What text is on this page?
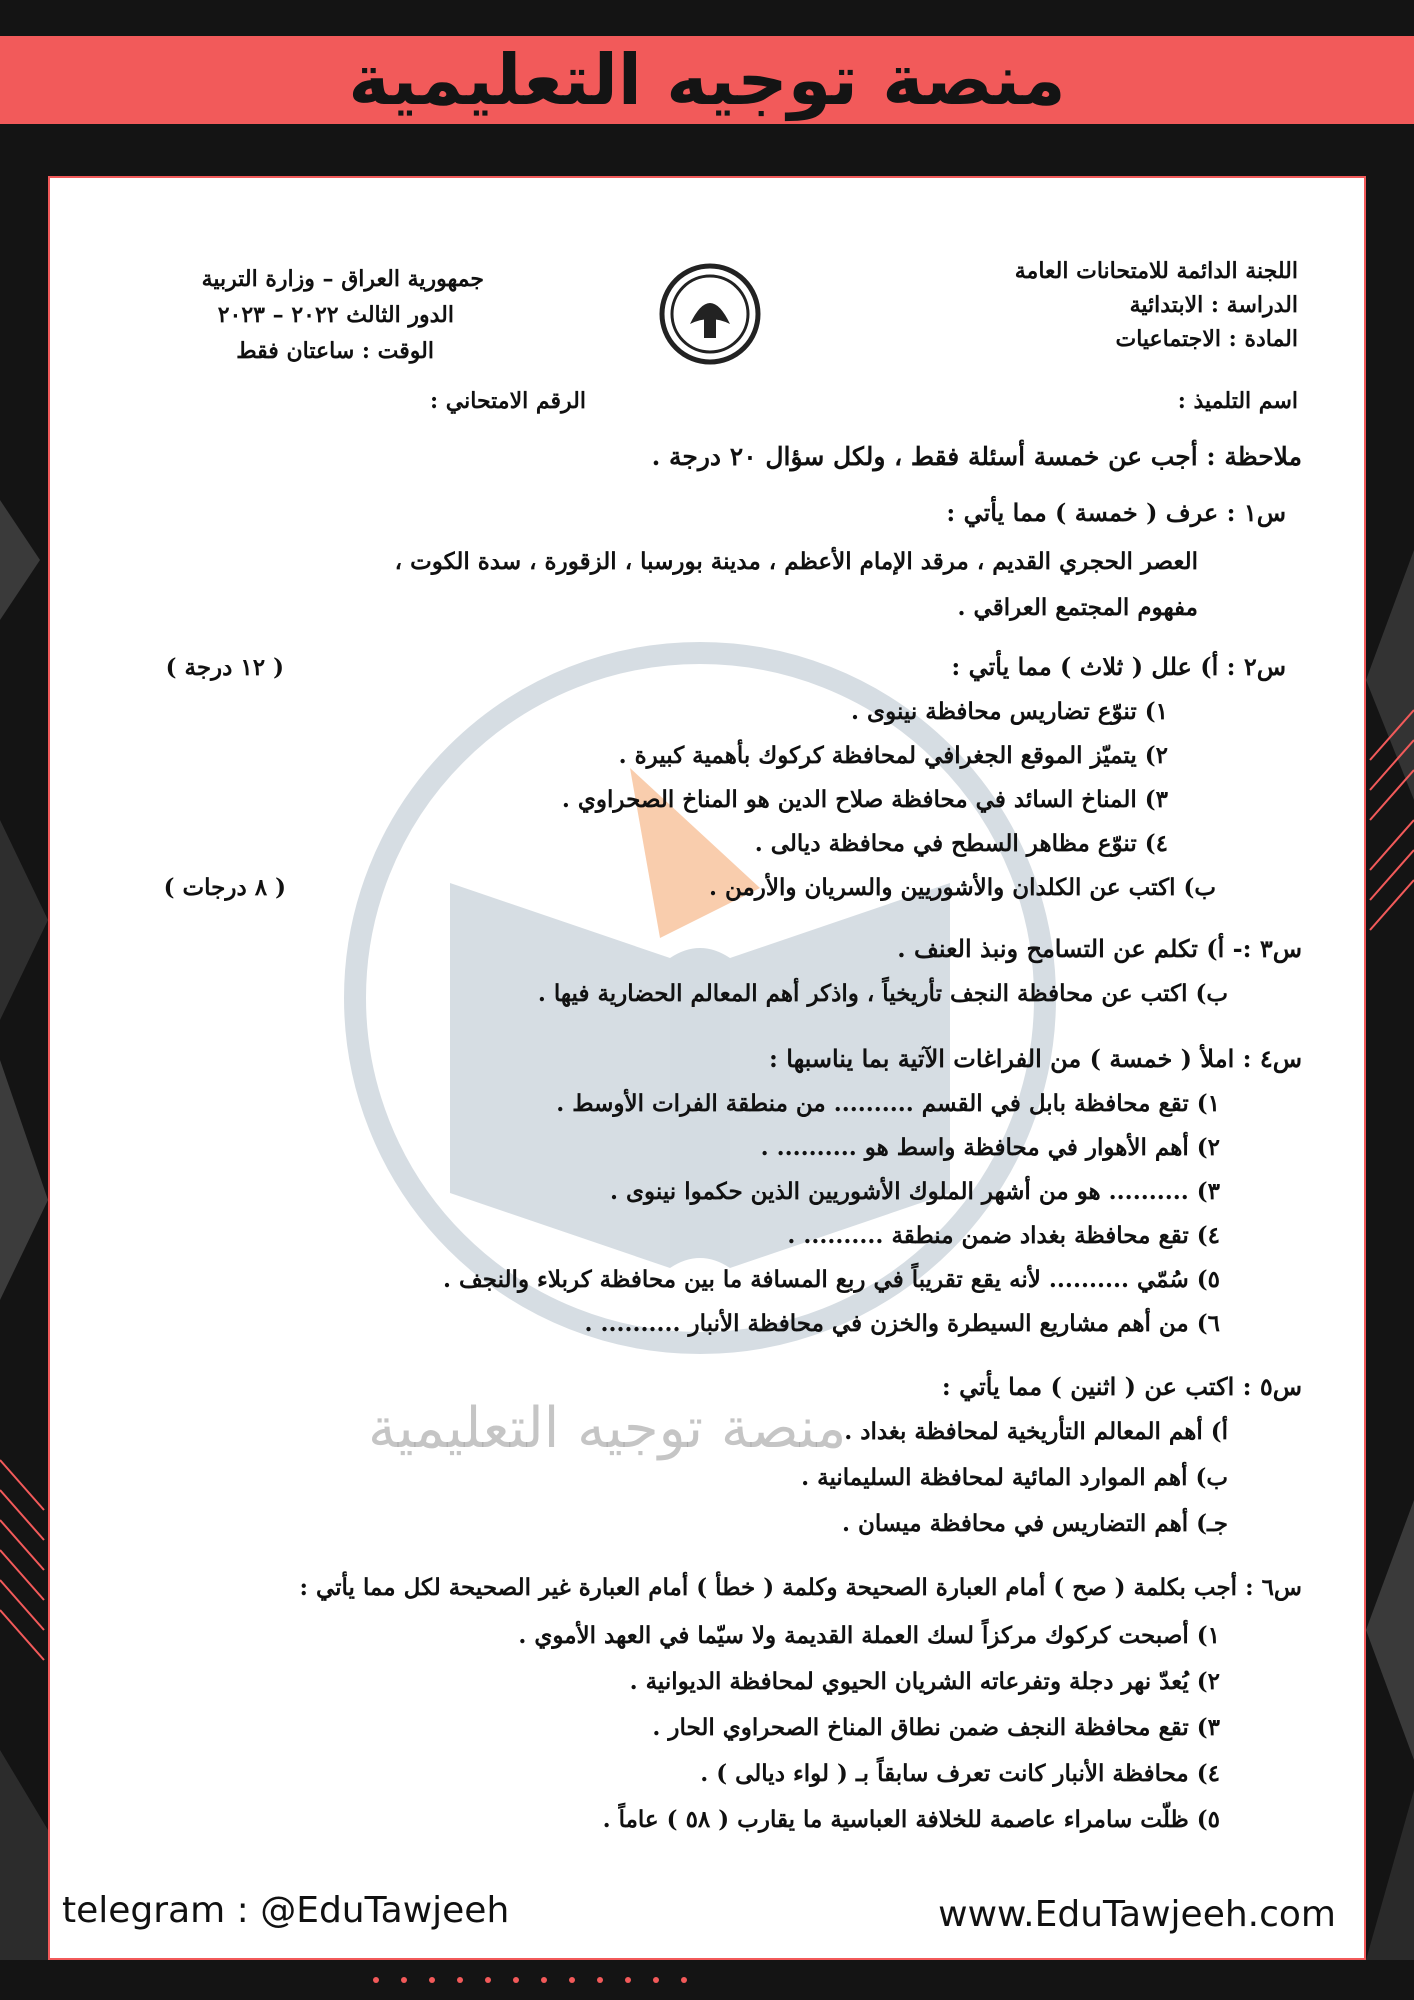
منصة توجيه التعليمية
اللجنة الدائمة للامتحانات العامة
الدراسة : الابتدائية
المادة : الاجتماعيات
جمهورية العراق – وزارة التربية
الدور الثالث ٢٠٢٢ – ٢٠٢٣
الوقت : ساعتان فقط
اسم التلميذ :
الرقم الامتحاني :
ملاحظة : أجب عن خمسة أسئلة فقط ، ولكل سؤال ٢٠ درجة .
س١ : عرف ( خمسة ) مما يأتي :
العصر الحجري القديم ، مرقد الإمام الأعظم ، مدينة بورسبا ، الزقورة ، سدة الكوت ،
مفهوم المجتمع العراقي .
س٢ : أ) علل ( ثلاث ) مما يأتي :
( ١٢ درجة )
١) تنوّع تضاريس محافظة نينوى .
٢) يتميّز الموقع الجغرافي لمحافظة كركوك بأهمية كبيرة .
٣) المناخ السائد في محافظة صلاح الدين هو المناخ الصحراوي .
٤) تنوّع مظاهر السطح في محافظة ديالى .
ب) اكتب عن الكلدان والأشوريين والسريان والأرمن .
( ٨ درجات )
س٣ :- أ) تكلم عن التسامح ونبذ العنف .
ب) اكتب عن محافظة النجف تأريخياً ، واذكر أهم المعالم الحضارية فيها .
س٤ : املأ ( خمسة ) من الفراغات الآتية بما يناسبها :
١) تقع محافظة بابل في القسم .......... من منطقة الفرات الأوسط .
٢) أهم الأهوار في محافظة واسط هو .......... .
٣) .......... هو من أشهر الملوك الأشوريين الذين حكموا نينوى .
٤) تقع محافظة بغداد ضمن منطقة .......... .
٥) سُمّي .......... لأنه يقع تقريباً في ربع المسافة ما بين محافظة كربلاء والنجف .
٦) من أهم مشاريع السيطرة والخزن في محافظة الأنبار .......... .
س٥ : اكتب عن ( اثنين ) مما يأتي :
أ) أهم المعالم التأريخية لمحافظة بغداد .
ب) أهم الموارد المائية لمحافظة السليمانية .
جـ) أهم التضاريس في محافظة ميسان .
منصة توجيه التعليمية
س٦ : أجب بكلمة ( صح ) أمام العبارة الصحيحة وكلمة ( خطأ ) أمام العبارة غير الصحيحة لكل مما يأتي :
١) أصبحت كركوك مركزاً لسك العملة القديمة ولا سيّما في العهد الأموي .
٢) يُعدّ نهر دجلة وتفرعاته الشريان الحيوي لمحافظة الديوانية .
٣) تقع محافظة النجف ضمن نطاق المناخ الصحراوي الحار .
٤) محافظة الأنبار كانت تعرف سابقاً بـ ( لواء ديالى ) .
٥) ظلّت سامراء عاصمة للخلافة العباسية ما يقارب ( ٥٨ ) عاماً .
telegram : @EduTawjeeh	www.EduTawjeeh.com
